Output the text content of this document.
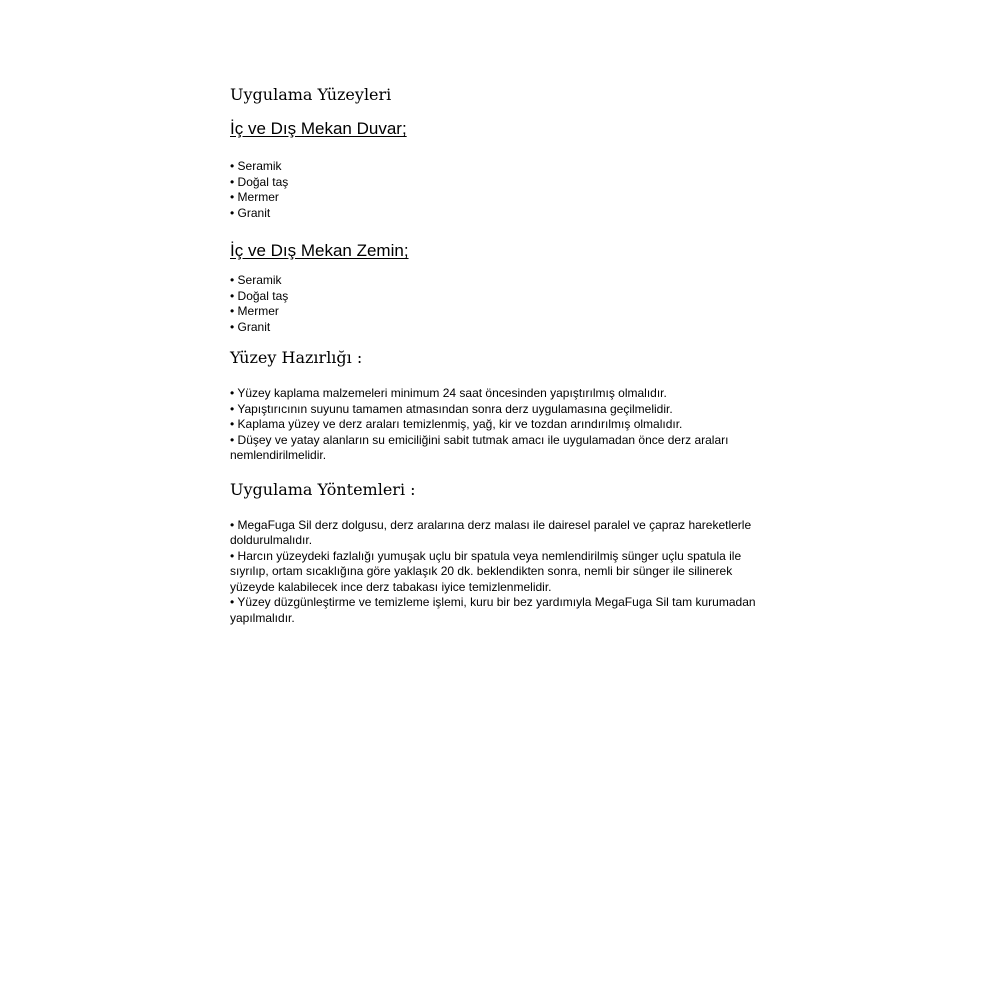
Uygulama Yüzeyleri
İç ve Dış Mekan Duvar;
• Seramik
• Doğal taş
• Mermer
• Granit
İç ve Dış Mekan Zemin;
• Seramik
• Doğal taş
• Mermer
• Granit
Yüzey Hazırlığı :
• Yüzey kaplama malzemeleri minimum 24 saat öncesinden yapıştırılmış olmalıdır.
• Yapıştırıcının suyunu tamamen atmasından sonra derz uygulamasına geçilmelidir.
• Kaplama yüzey ve derz araları temizlenmiş, yağ, kir ve tozdan arındırılmış olmalıdır.
• Düşey ve yatay alanların su emiciliğini sabit tutmak amacı ile uygulamadan önce derz araları nemlendirilmelidir.
Uygulama Yöntemleri :
• MegaFuga Sil derz dolgusu, derz aralarına derz malası ile dairesel paralel ve çapraz hareketlerle doldurulmalıdır.
• Harcın yüzeydeki fazlalığı yumuşak uçlu bir spatula veya nemlendirilmiş sünger uçlu spatula ile sıyrılıp, ortam sıcaklığına göre yaklaşık 20 dk. beklendikten sonra, nemli bir sünger ile silinerek yüzeyde kalabilecek ince derz tabakası iyice temizlenmelidir.
• Yüzey düzgünleştirme ve temizleme işlemi, kuru bir bez yardımıyla MegaFuga Sil tam kurumadan yapılmalıdır.
